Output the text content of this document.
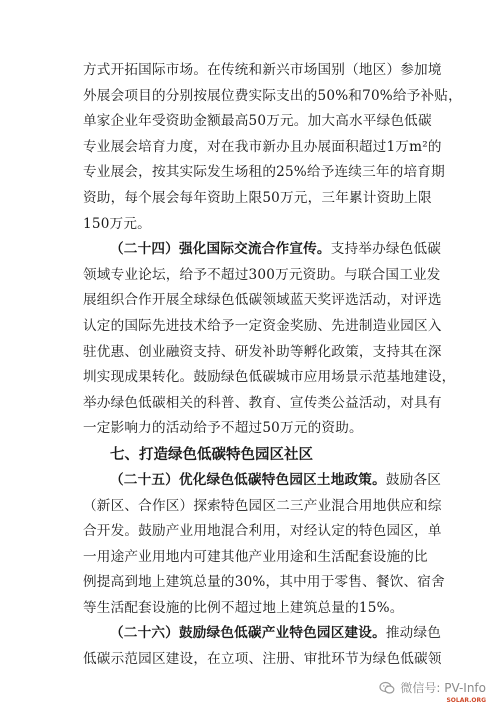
方式开拓国际市场。在传统和新兴市场国别（地区）参加境
外展会项目的分别按展位费实际支出的50%和70%给予补贴，
单家企业年受资助金额最高50万元。加大高水平绿色低碳
专业展会培育力度，对在我市新办且办展面积超过1万m²的
专业展会，按其实际发生场租的25%给予连续三年的培育期
资助，每个展会每年资助上限50万元，三年累计资助上限
150万元。

（二十四）强化国际交流合作宣传。支持举办绿色低碳
领域专业论坛，给予不超过300万元资助。与联合国工业发
展组织合作开展全球绿色低碳领域蓝天奖评选活动，对评选
认定的国际先进技术给予一定资金奖励、先进制造业园区入
驻优惠、创业融资支持、研发补助等孵化政策，支持其在深
圳实现成果转化。鼓励绿色低碳城市应用场景示范基地建设，
举办绿色低碳相关的科普、教育、宣传类公益活动，对具有
一定影响力的活动给予不超过50万元的资助。

七、打造绿色低碳特色园区社区

（二十五）优化绿色低碳特色园区土地政策。鼓励各区
（新区、合作区）探索特色园区二三产业混合用地供应和综
合开发。鼓励产业用地混合利用，对经认定的特色园区，单
一用途产业用地内可建其他产业用途和生活配套设施的比
例提高到地上建筑总量的30%，其中用于零售、餐饮、宿舍
等生活配套设施的比例不超过地上建筑总量的15%。

（二十六）鼓励绿色低碳产业特色园区建设。推动绿色
低碳示范园区建设，在立项、注册、审批环节为绿色低碳领

微信号: PV-Info
SOLAR.ORG
